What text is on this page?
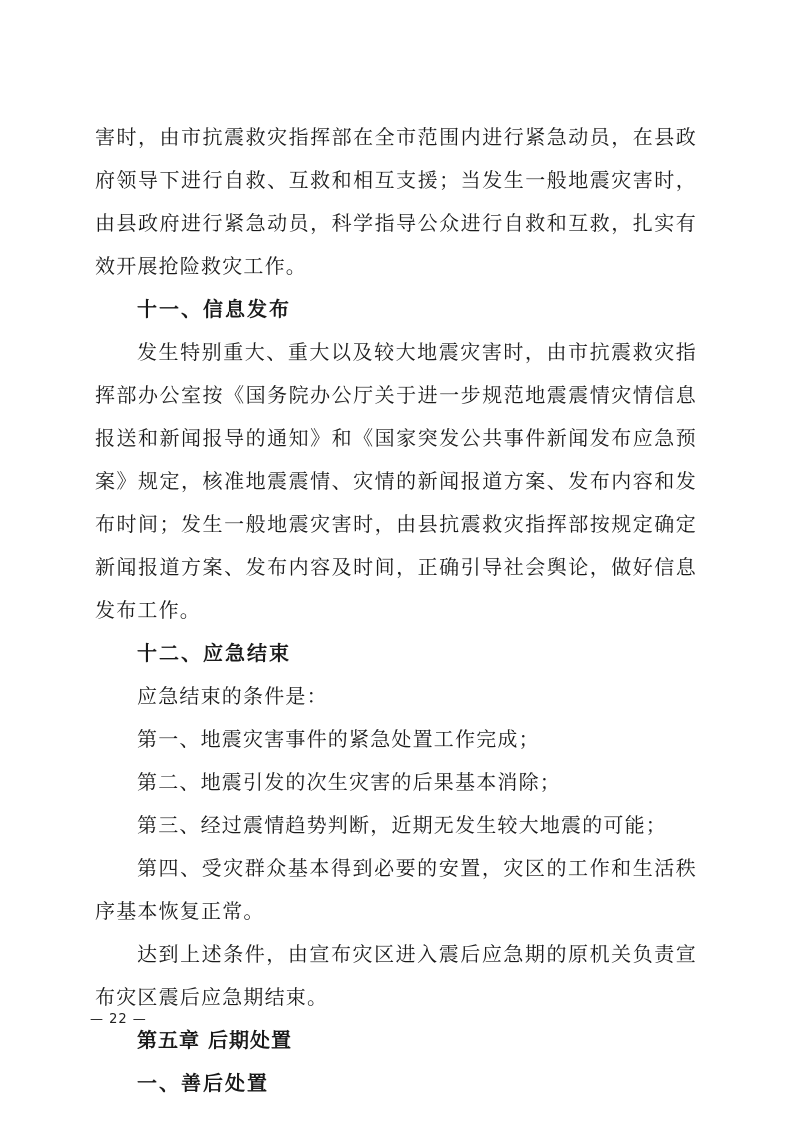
害时，由市抗震救灾指挥部在全市范围内进行紧急动员，在县政
府领导下进行自救、互救和相互支援；当发生一般地震灾害时，
由县政府进行紧急动员，科学指导公众进行自救和互救，扎实有
效开展抢险救灾工作。
十一、信息发布
发生特别重大、重大以及较大地震灾害时，由市抗震救灾指
挥部办公室按《国务院办公厅关于进一步规范地震震情灾情信息
报送和新闻报导的通知》和《国家突发公共事件新闻发布应急预
案》规定，核准地震震情、灾情的新闻报道方案、发布内容和发
布时间；发生一般地震灾害时，由县抗震救灾指挥部按规定确定
新闻报道方案、发布内容及时间，正确引导社会舆论，做好信息
发布工作。
十二、应急结束
应急结束的条件是：
第一、地震灾害事件的紧急处置工作完成；
第二、地震引发的次生灾害的后果基本消除；
第三、经过震情趋势判断，近期无发生较大地震的可能；
第四、受灾群众基本得到必要的安置，灾区的工作和生活秩
序基本恢复正常。
达到上述条件，由宣布灾区进入震后应急期的原机关负责宣
布灾区震后应急期结束。
第五章 后期处置
一、善后处置
— 22 —
